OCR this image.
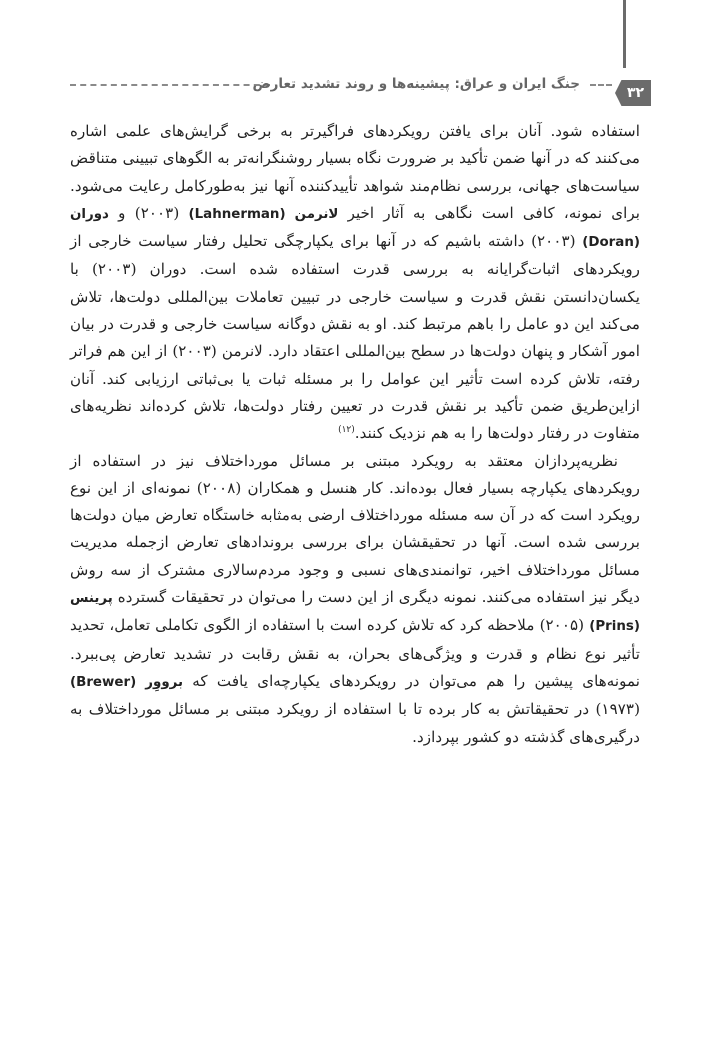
جنگ ایران و عراق: پیشینه‌ها و روند تشدید تعارض
۳۲

استفاده شود. آنان برای یافتن رویکردهای فراگیرتر به برخی گرایش‌های علمی اشاره می‌کنند که در آنها ضمن تأکید بر ضرورت نگاه بسیار روشنگرانه‌تر به الگوهای تبیینی متناقض سیاست‌های جهانی، بررسی نظام‌مند شواهد تأییدکننده آنها نیز به‌طورکامل رعایت می‌شود. برای نمونه، کافی است نگاهی به آثار اخیر لانرمن (Lahnerman) (۲۰۰۳) و دوران (Doran) (۲۰۰۳) داشته باشیم که در آنها برای یکپارچگی تحلیل رفتار سیاست خارجی از رویکردهای اثبات‌گرایانه به بررسی قدرت استفاده شده است. دوران (۲۰۰۳) با یکسان‌دانستن نقش قدرت و سیاست خارجی در تبیین تعاملات بین‌المللی دولت‌ها، تلاش می‌کند این دو عامل را باهم مرتبط کند. او به نقش دوگانه سیاست خارجی و قدرت در بیان امور آشکار و پنهان دولت‌ها در سطح بین‌المللی اعتقاد دارد. لانرمن (۲۰۰۳) از این هم فراتر رفته، تلاش کرده است تأثیر این عوامل را بر مسئله ثبات یا بی‌ثباتی ارزیابی کند. آنان ازاین‌طریق ضمن تأکید بر نقش قدرت در تعیین رفتار دولت‌ها، تلاش کرده‌اند نظریه‌های متفاوت در رفتار دولت‌ها را به هم نزدیک کنند.$^{(۱۲)}$

نظریه‌پردازان معتقد به رویکرد مبتنی بر مسائل مورداختلاف نیز در استفاده از رویکردهای یکپارچه بسیار فعال بوده‌اند. کار هنسل و همکاران (۲۰۰۸) نمونه‌ای از این نوع رویکرد است که در آن سه مسئله مورداختلاف ارضی به‌مثابه خاستگاه تعارض میان دولت‌ها بررسی شده است. آنها در تحقیقشان برای بررسی بروندادهای تعارض ازجمله مدیریت مسائل مورداختلاف اخیر، توانمندی‌های نسبی و وجود مردم‌سالاری مشترک از سه روش دیگر نیز استفاده می‌کنند. نمونه دیگری از این دست را می‌توان در تحقیقات گسترده پرینس (Prins) (۲۰۰۵) ملاحظه کرد که تلاش کرده است با استفاده از الگوی تکاملی تعامل، تحدید تأثیر نوع نظام و قدرت و ویژگی‌های بحران، به نقش رقابت در تشدید تعارض پی‌ببرد. نمونه‌های پیشین را هم می‌توان در رویکردهای یکپارچه‌ای یافت که برووِر (Brewer) (۱۹۷۳) در تحقیقاتش به کار برده تا با استفاده از رویکرد مبتنی بر مسائل مورداختلاف به درگیری‌های گذشته دو کشور بپردازد.
